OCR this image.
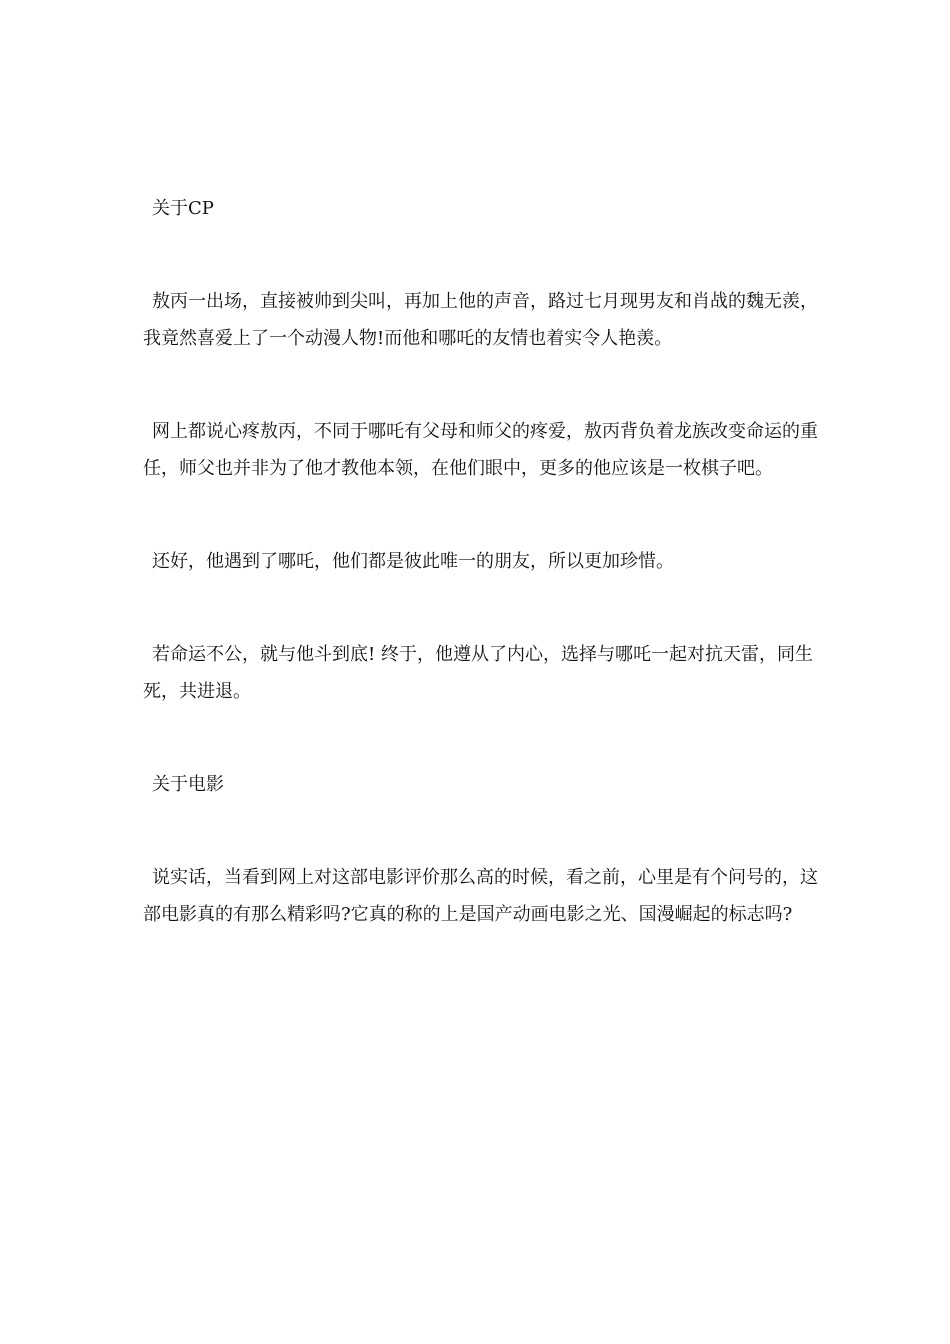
关于CP

敖丙一出场，直接被帅到尖叫，再加上他的声音，路过七月现男友和肖战的魏无羡，我竟然喜爱上了一个动漫人物!而他和哪吒的友情也着实令人艳羡。

网上都说心疼敖丙，不同于哪吒有父母和师父的疼爱，敖丙背负着龙族改变命运的重任，师父也并非为了他才教他本领，在他们眼中，更多的他应该是一枚棋子吧。

还好，他遇到了哪吒，他们都是彼此唯一的朋友，所以更加珍惜。

若命运不公，就与他斗到底! 终于，他遵从了内心，选择与哪吒一起对抗天雷，同生死，共进退。

关于电影

说实话，当看到网上对这部电影评价那么高的时候，看之前，心里是有个问号的，这部电影真的有那么精彩吗?它真的称的上是国产动画电影之光、国漫崛起的标志吗?
